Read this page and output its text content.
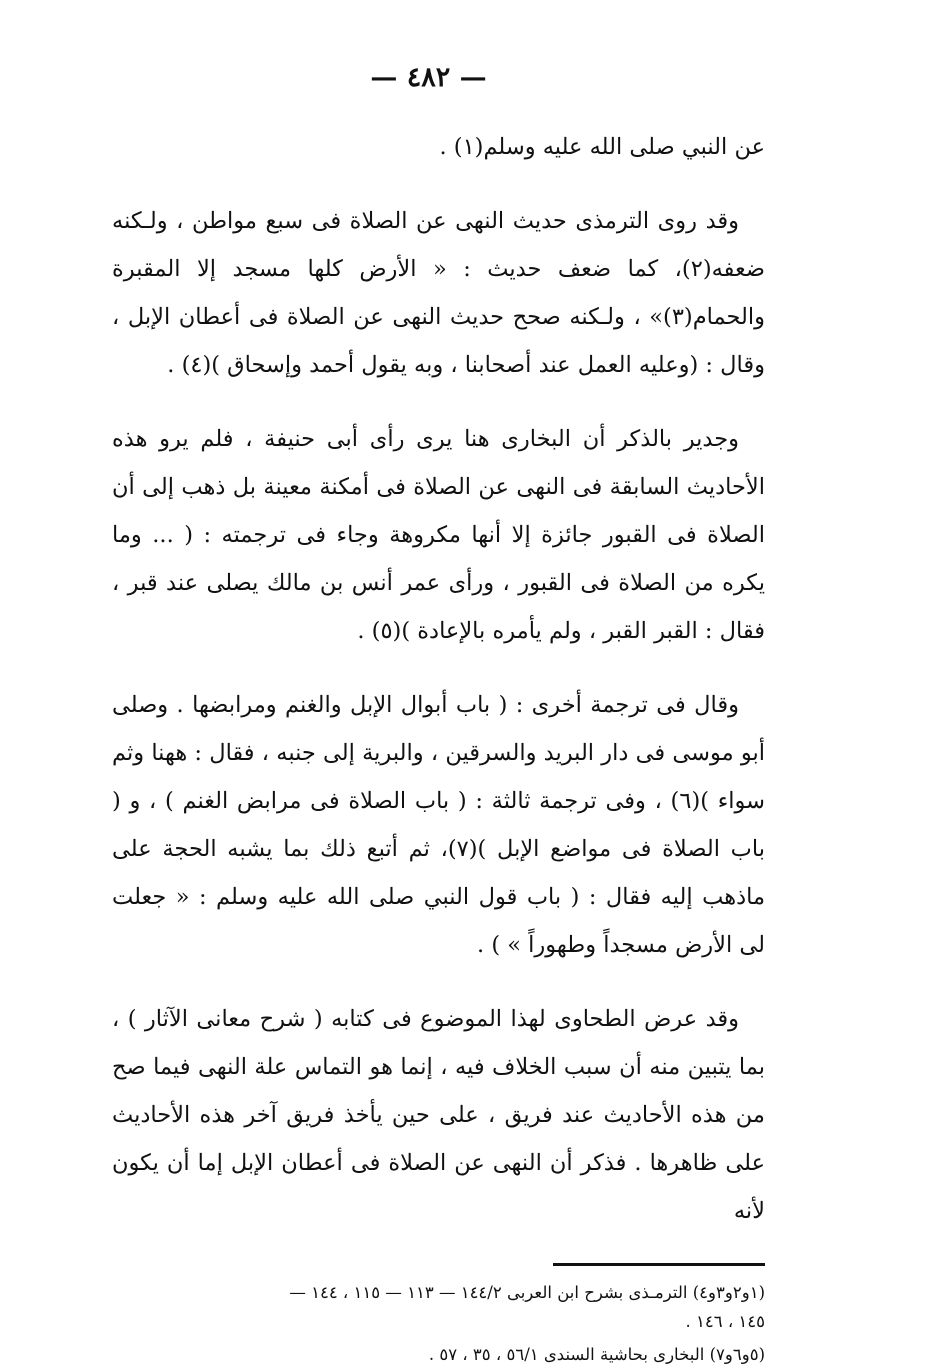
— ٤٨٢ —

عن النبي صلى الله عليه وسلم(١) .

وقد روى الترمذى حديث النهى عن الصلاة فى سبع مواطن ، ولـكنه ضعفه(٢)، كما ضعف حديث : « الأرض كلها مسجد إلا المقبرة والحمام(٣)» ، ولـكنه صحح حديث النهى عن الصلاة فى أعطان الإبل ، وقال : (وعليه العمل عند أصحابنا ، وبه يقول أحمد وإسحاق )(٤) .

وجدير بالذكر أن البخارى هنا يرى رأى أبى حنيفة ، فلم يرو هذه الأحاديث السابقة فى النهى عن الصلاة فى أمكنة معينة بل ذهب إلى أن الصلاة فى القبور جائزة إلا أنها مكروهة وجاء فى ترجمته : ( ... وما يكره من الصلاة فى القبور ، ورأى عمر أنس بن مالك يصلى عند قبر ، فقال : القبر القبر ، ولم يأمره بالإعادة )(٥) .

وقال فى ترجمة أخرى : ( باب أبوال الإبل والغنم ومرابضها . وصلى أبو موسى فى دار البريد والسرقين ، والبرية إلى جنبه ، فقال : ههنا وثم سواء )(٦) ، وفى ترجمة ثالثة : ( باب الصلاة فى مرابض الغنم ) ، و ( باب الصلاة فى مواضع الإبل )(٧)، ثم أتبع ذلك بما يشبه الحجة على ماذهب إليه فقال : ( باب قول النبي صلى الله عليه وسلم : « جعلت لى الأرض مسجداً وطهوراً » ) .

وقد عرض الطحاوى لهذا الموضوع فى كتابه ( شرح معانى الآثار ) ، بما يتبين منه أن سبب الخلاف فيه ، إنما هو التماس علة النهى فيما صح من هذه الأحاديث عند فريق ، على حين يأخذ فريق آخر هذه الأحاديث على ظاهرها . فذكر أن النهى عن الصلاة فى أعطان الإبل إما أن يكون لأنه

(١و٢و٣و٤) الترمـذى بشرح ابن العربى ١٤٤/٢ — ١١٣ — ١١٥ ، ١٤٤ —
١٤٥ ، ١٤٦ .

(٥و٦و٧) البخارى بحاشية السندى ٥٦/١ ، ٣٥ ، ٥٧ .
